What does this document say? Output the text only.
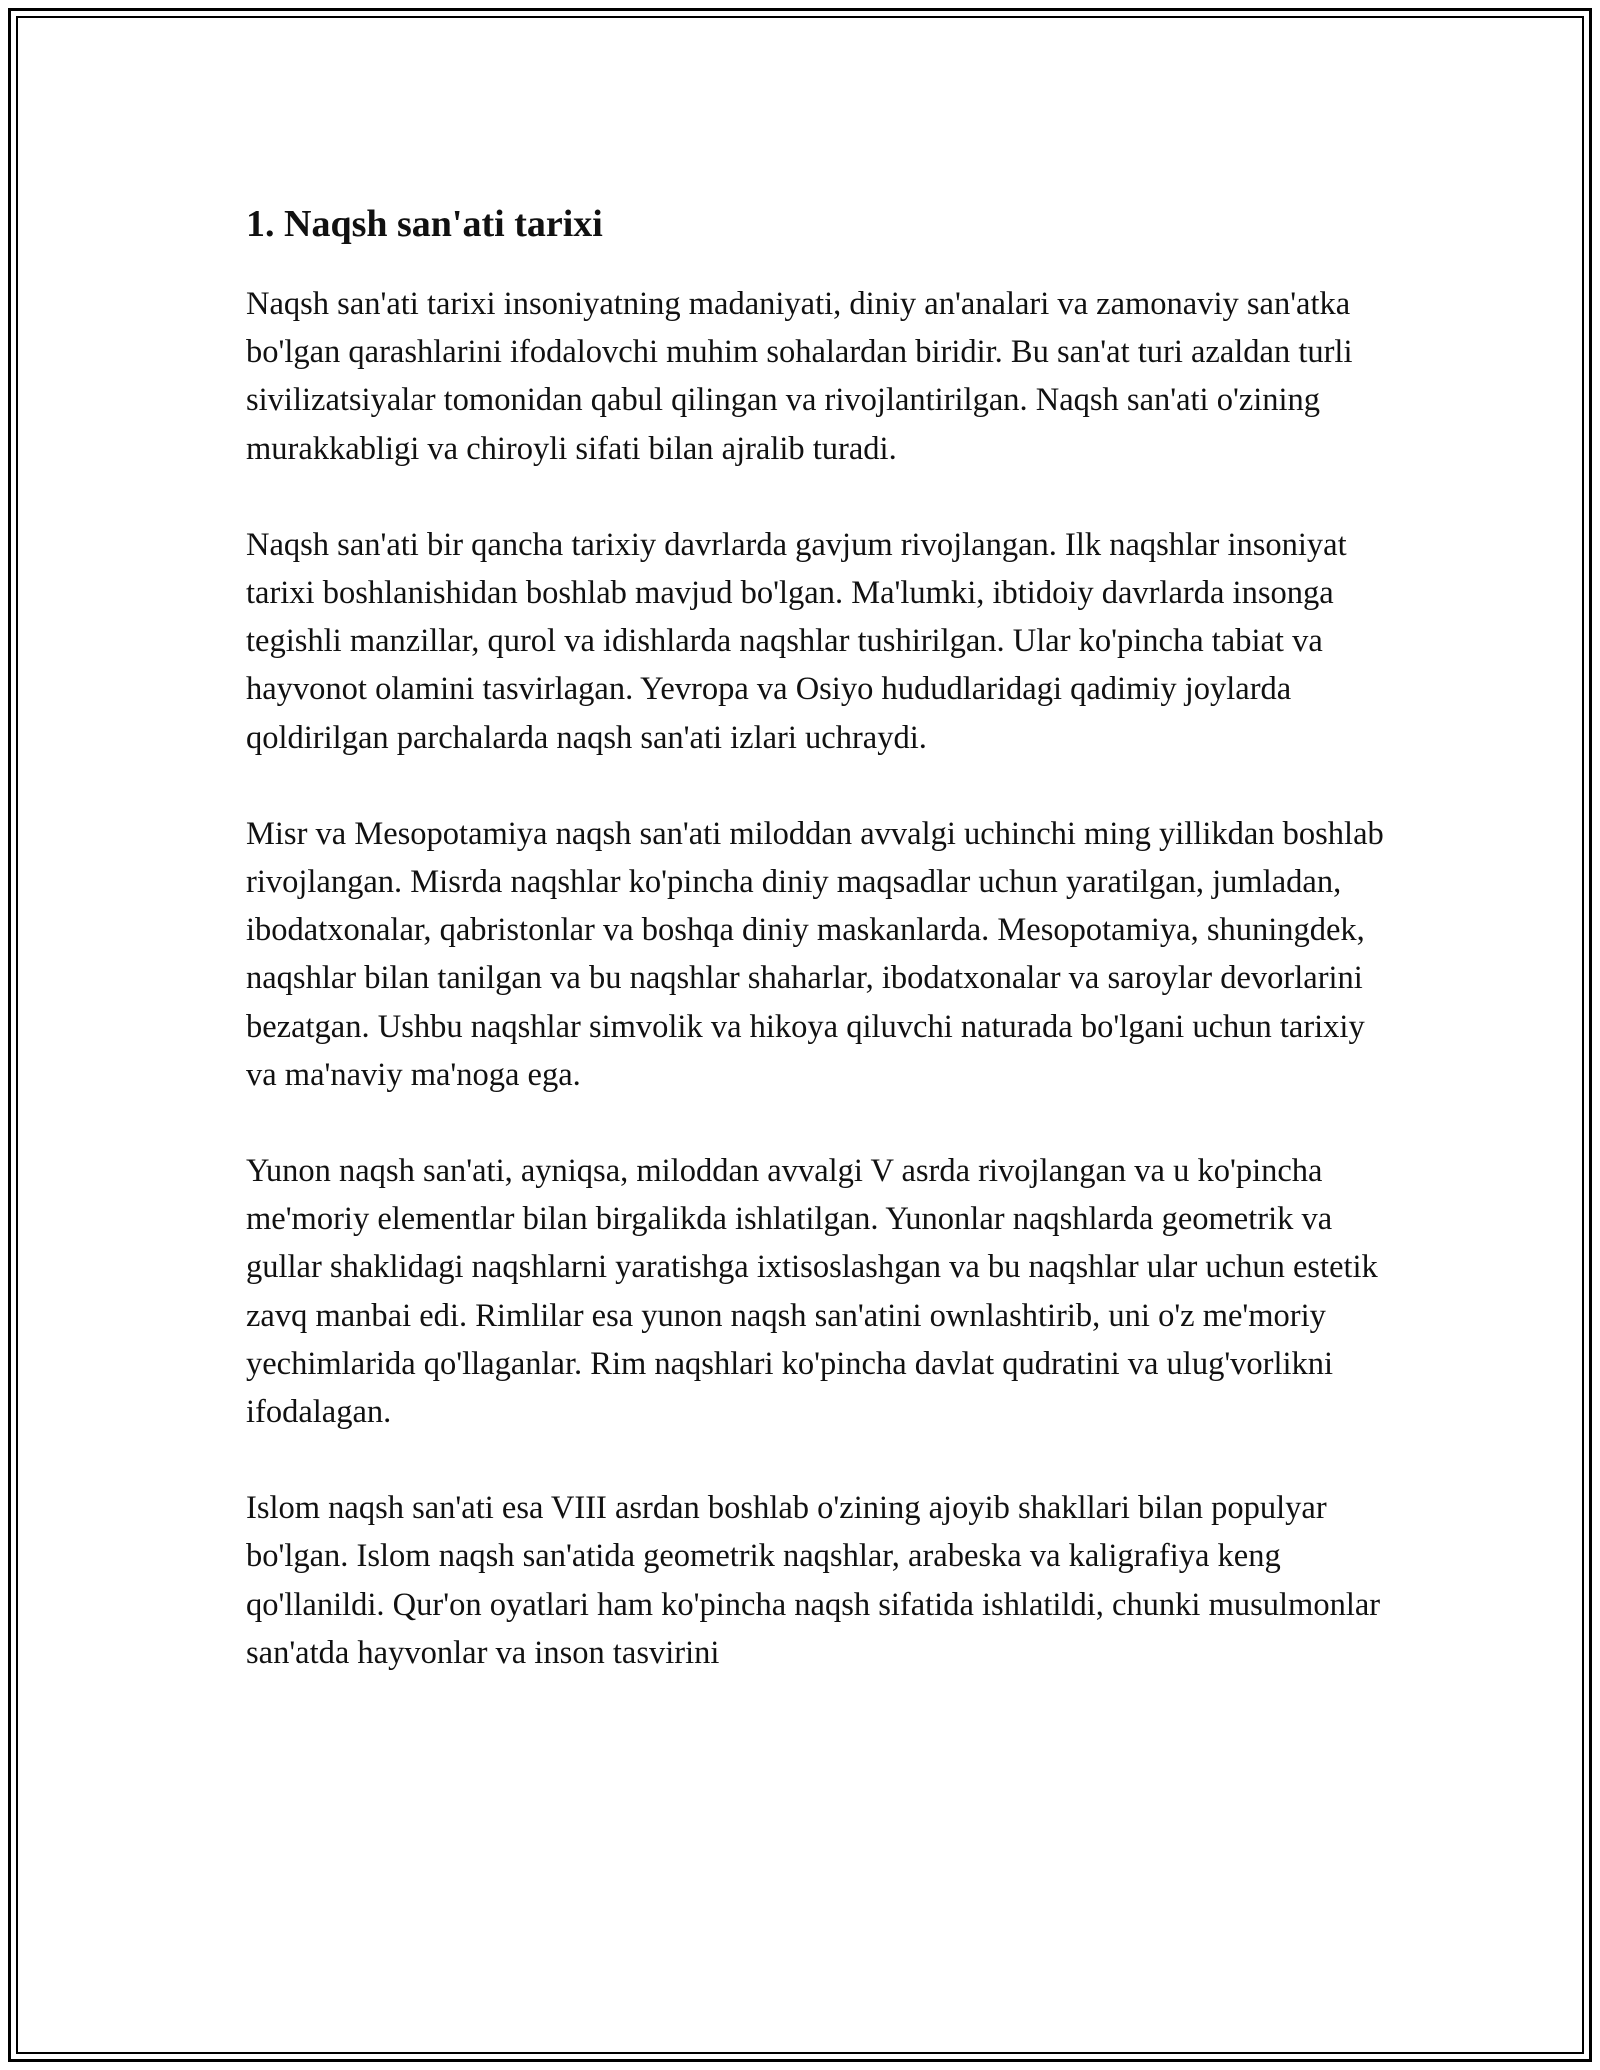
1. Naqsh san'ati tarixi

Naqsh san'ati tarixi insoniyatning madaniyati, diniy an'analari va zamonaviy san'atka bo'lgan qarashlarini ifodalovchi muhim sohalardan biridir. Bu san'at turi azaldan turli sivilizatsiyalar tomonidan qabul qilingan va rivojlantirilgan. Naqsh san'ati o'zining murakkabligi va chiroyli sifati bilan ajralib turadi.

Naqsh san'ati bir qancha tarixiy davrlarda gavjum rivojlangan. Ilk naqshlar insoniyat tarixi boshlanishidan boshlab mavjud bo'lgan. Ma'lumki, ibtidoiy davrlarda insonga tegishli manzillar, qurol va idishlarda naqshlar tushirilgan. Ular ko'pincha tabiat va hayvonot olamini tasvirlagan. Yevropa va Osiyo hududlaridagi qadimiy joylarda qoldirilgan parchalarda naqsh san'ati izlari uchraydi.

Misr va Mesopotamiya naqsh san'ati miloddan avvalgi uchinchi ming yillikdan boshlab rivojlangan. Misrda naqshlar ko'pincha diniy maqsadlar uchun yaratilgan, jumladan, ibodatxonalar, qabristonlar va boshqa diniy maskanlarda. Mesopotamiya, shuningdek, naqshlar bilan tanilgan va bu naqshlar shaharlar, ibodatxonalar va saroylar devorlarini bezatgan. Ushbu naqshlar simvolik va hikoya qiluvchi naturada bo'lgani uchun tarixiy va ma'naviy ma'noga ega.

Yunon naqsh san'ati, ayniqsa, miloddan avvalgi V asrda rivojlangan va u ko'pincha me'moriy elementlar bilan birgalikda ishlatilgan. Yunonlar naqshlarda geometrik va gullar shaklidagi naqshlarni yaratishga ixtisoslashgan va bu naqshlar ular uchun estetik zavq manbai edi. Rimlilar esa yunon naqsh san'atini ownlashtirib, uni o'z me'moriy yechimlarida qo'llaganlar. Rim naqshlari ko'pincha davlat qudratini va ulug'vorlikni ifodalagan.

Islom naqsh san'ati esa VIII asrdan boshlab o'zining ajoyib shakllari bilan populyar bo'lgan. Islom naqsh san'atida geometrik naqshlar, arabeska va kaligrafiya keng qo'llanildi. Qur'on oyatlari ham ko'pincha naqsh sifatida ishlatildi, chunki musulmonlar san'atda hayvonlar va inson tasvirini
